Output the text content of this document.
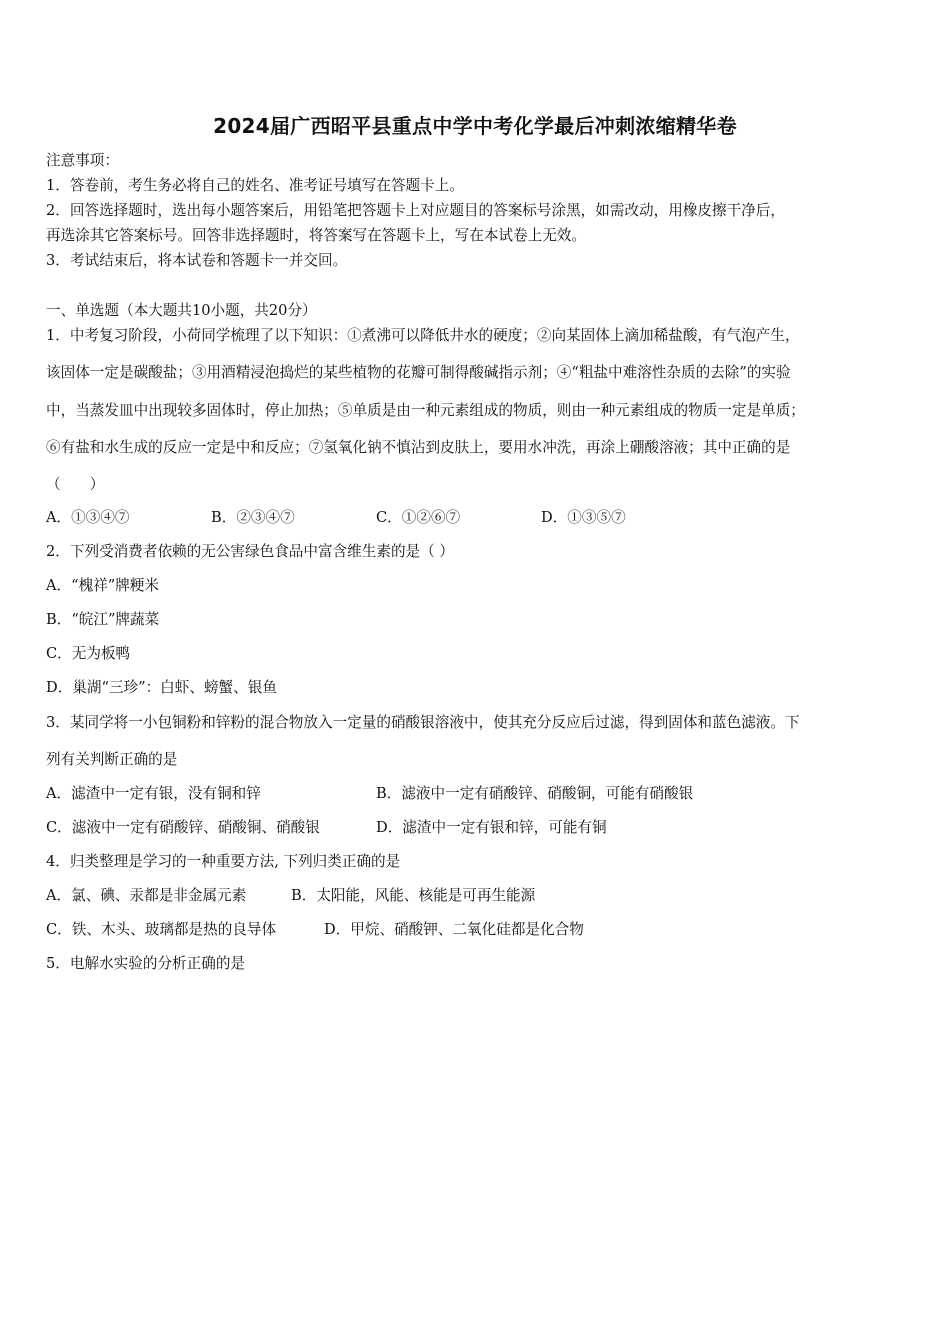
2024届广西昭平县重点中学中考化学最后冲刺浓缩精华卷
注意事项：
1．答卷前，考生务必将自己的姓名、准考证号填写在答题卡上。
2．回答选择题时，选出每小题答案后，用铅笔把答题卡上对应题目的答案标号涂黑，如需改动，用橡皮擦干净后，
再选涂其它答案标号。回答非选择题时，将答案写在答题卡上，写在本试卷上无效。
3．考试结束后，将本试卷和答题卡一并交回。
一、单选题（本大题共10小题，共20分）
1．中考复习阶段，小荷同学梳理了以下知识：①煮沸可以降低井水的硬度；②向某固体上滴加稀盐酸，有气泡产生，
该固体一定是碳酸盐；③用酒精浸泡捣烂的某些植物的花瓣可制得酸碱指示剂；④“粗盐中难溶性杂质的去除”的实验
中，当蒸发皿中出现较多固体时，停止加热；⑤单质是由一种元素组成的物质，则由一种元素组成的物质一定是单质；
⑥有盐和水生成的反应一定是中和反应；⑦氢氧化钠不慎沾到皮肤上，要用水冲洗，再涂上硼酸溶液；其中正确的是
（　　）
A．①③④⑦	B．②③④⑦	C．①②⑥⑦	D．①③⑤⑦
2．下列受消费者依赖的无公害绿色食品中富含维生素的是（ ）
A．“槐祥”牌粳米
B．“皖江”牌蔬菜
C．无为板鸭
D．巢湖“三珍”：白虾、螃蟹、银鱼
3．某同学将一小包铜粉和锌粉的混合物放入一定量的硝酸银溶液中，使其充分反应后过滤，得到固体和蓝色滤液。下
列有关判断正确的是
A．滤渣中一定有银，没有铜和锌	B．滤液中一定有硝酸锌、硝酸铜，可能有硝酸银
C．滤液中一定有硝酸锌、硝酸铜、硝酸银	D．滤渣中一定有银和锌，可能有铜
4．归类整理是学习的一种重要方法, 下列归类正确的是
A．氯、碘、汞都是非金属元素	B．太阳能，风能、核能是可再生能源
C．铁、木头、玻璃都是热的良导体	D．甲烷、硝酸钾、二氧化硅都是化合物
5．电解水实验的分析正确的是
